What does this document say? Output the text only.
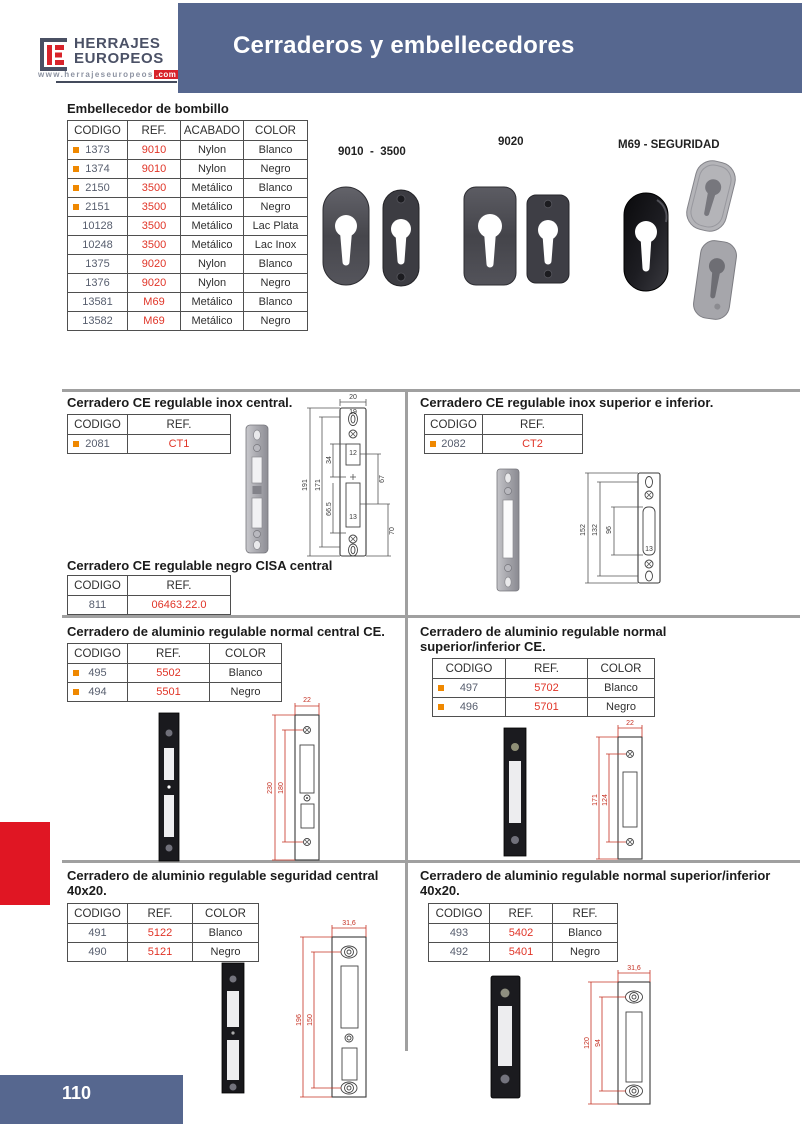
Cerraderos y embellecedores
HERRAJES
EUROPEOS
www.herrajeseuropeos .com
Embellecedor de bombillo
CODIGO	REF.	ACABADO	COLOR

1373	9010	Nylon	Blanco

1374	9010	Nylon	Negro

2150	3500	Metálico	Blanco

2151	3500	Metálico	Negro
10128	3500	Metálico	Lac Plata
10248	3500	Metálico	Lac Inox
1375	9020	Nylon	Blanco
1376	9020	Nylon	Negro
13581	M69	Metálico	Blanco
13582	M69	Metálico	Negro
9010  -  3500
9020	M69 - SEGURIDAD
Cerradero CE regulable inox central.
CODIGO	REF.

2081	CT1
20
19
191 171
34
66.5
12
13
67
70
Cerradero CE regulable inox superior e inferior.
CODIGO	REF.

2082	CT2
152 132 96
13
Cerradero CE regulable negro CISA central
CODIGO	REF.
811	06463.22.0
Cerradero de aluminio regulable normal central CE.
CODIGO	REF.	COLOR

495	5502	Blanco

494	5501	Negro
22
230 180
Cerradero de aluminio regulable normal superior/inferior CE.
CODIGO	REF.	COLOR

497	5702	Blanco

496	5701	Negro
22
171 124
Cerradero de aluminio regulable seguridad central 40x20.
CODIGO	REF.	COLOR
491	5122	Blanco
490	5121	Negro
31,6
196 150
Cerradero de aluminio regulable normal superior/inferior 40x20.
CODIGO	REF.	REF.
493	5402	Blanco
492	5401	Negro
31,6
120 94
110
